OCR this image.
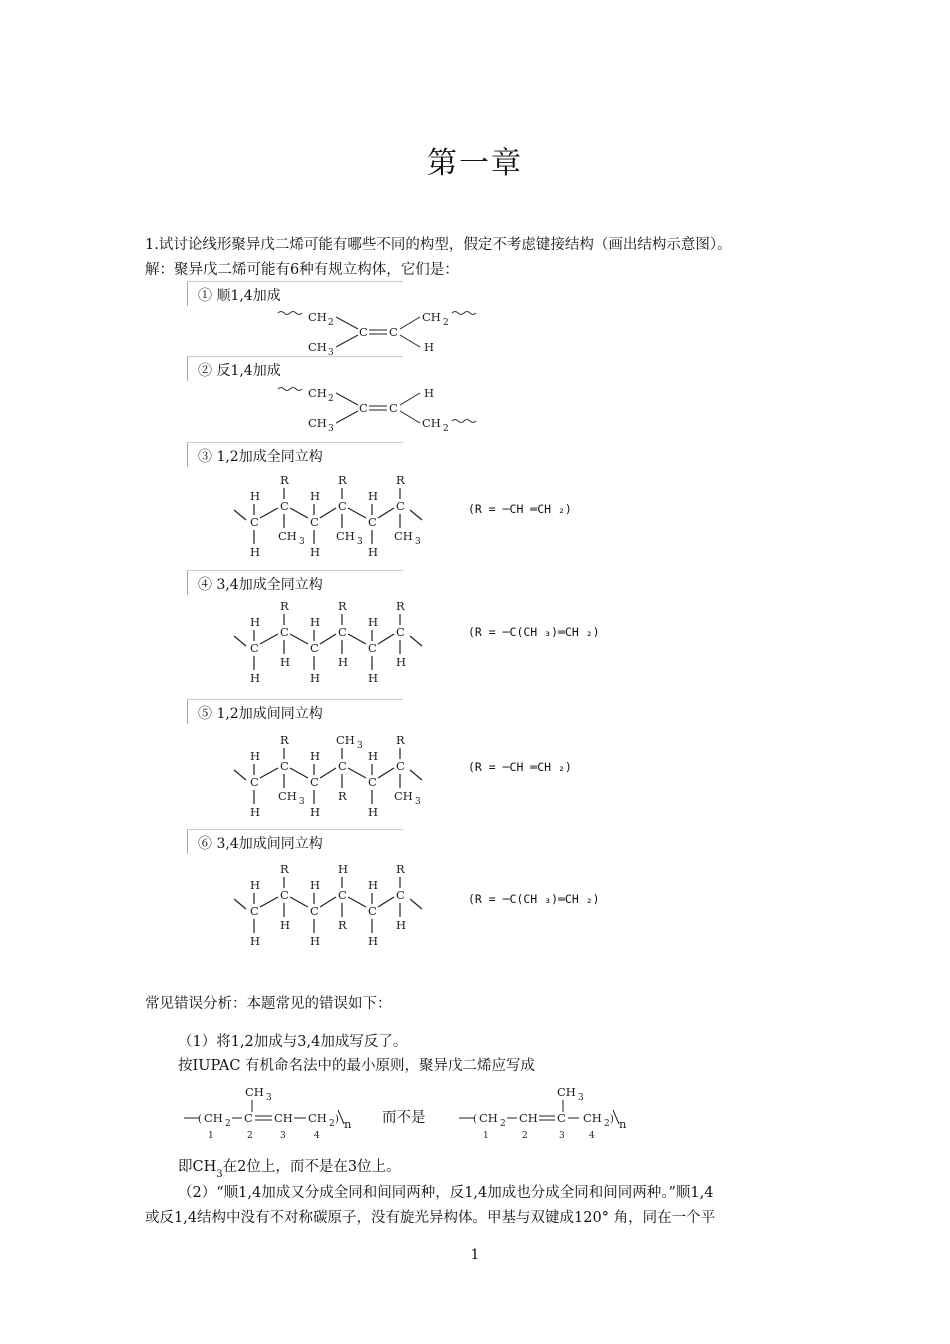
第一章
1.试讨论线形聚异戊二烯可能有哪些不同的构型，假定不考虑键接结构（画出结构示意图）。
解：聚异戊二烯可能有6种有规立构体，它们是：
① 顺1,4加成
② 反1,4加成
③ 1,2加成全同立构
④ 3,4加成全同立构
⑤ 1,2加成间同立构
⑥ 3,4加成间同立构
(R = ─CH ═CH ₂)
(R = ─C(CH ₃)═CH ₂)
(R = ─CH ═CH ₂)
(R = ─C(CH ₃)═CH ₂)
CH 2
CH 3
C C
CH 2
H
CH 2
CH 3
C C
H
CH 2
C
H
H
C
R
CH 3
C
H
H
C
R
CH 3
C
H
H
C
R
CH 3
C
H
H
C
R
H
C
H
H
C
R
H
C
H
H
C
R
H
C
H
H
C
R
CH 3
C
H
H
C
CH 3
R
C
H
H
C
R
CH 3
C
H
H
C
R
H
C
H
H
C
H
R
C
H
H
C
R
H
常见错误分析：本题常见的错误如下：
（1）将1,2加成与3,4加成写反了。
按IUPAC 有机命名法中的最小原则，聚异戊二烯应写成
CH 3
( CH 2 C CH CH 2 ) n
1	2	3	4
而不是
CH 3
( CH 2 CH C CH 2 ) n
1	2	3	4
即$CH_3$在2位上，而不是在3位上。
（2）“顺1,4加成又分成全同和间同两种，反1,4加成也分成全同和间同两种。”顺1,4
或反1,4结构中没有不对称碳原子，没有旋光异构体。甲基与双键成120° 角，同在一个平
1
